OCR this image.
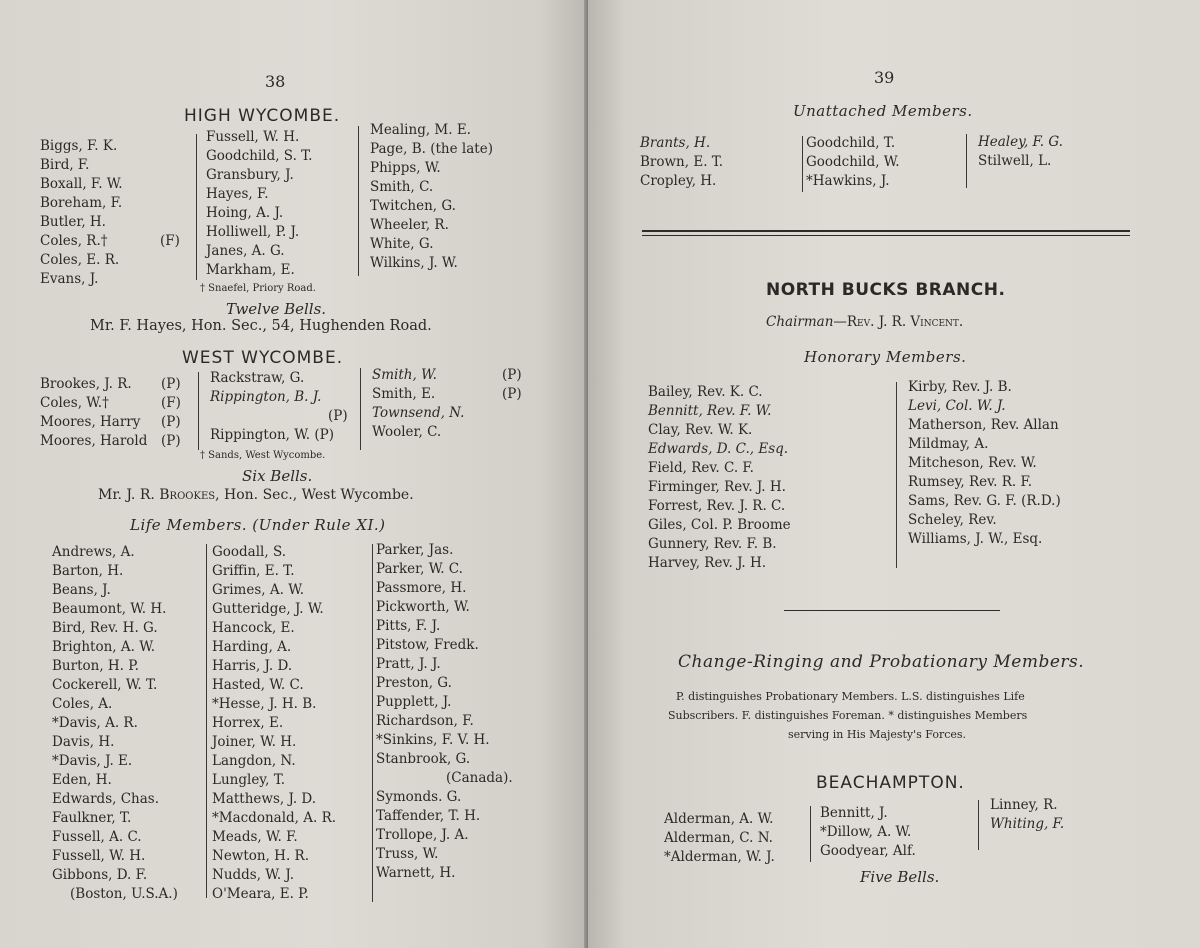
38
HIGH WYCOMBE.
Biggs, F. K.
Bird, F.
Boxall, F. W.
Boreham, F.
Butler, H.
Coles, R.†
Coles, E. R.
Evans, J.
(F)
Fussell, W. H.
Goodchild, S. T.
Gransbury, J.
Hayes, F.
Hoing, A. J.
Holliwell, P. J.
Janes, A. G.
Markham, E.
Mealing, M. E.
Page, B. (the late)
Phipps, W.
Smith, C.
Twitchen, G.
Wheeler, R.
White, G.
Wilkins, J. W.
† Snaefel, Priory Road.
Twelve Bells.
Mr. F. Hayes, Hon. Sec., 54, Hughenden Road.
WEST WYCOMBE.
Brookes, J. R.
Coles, W.†
Moores, Harry
Moores, Harold
(P)
(F)
(P)
(P)
Rackstraw, G.
Rippington, B. J.
(P)
Rippington, W. (P)
Smith, W.
Smith, E.
Townsend, N.
Wooler, C.
(P)
(P)
† Sands, West Wycombe.
Six Bells.
Mr. J. R. Brookes, Hon. Sec., West Wycombe.
Life Members. (Under Rule XI.)
Andrews, A.
Barton, H.
Beans, J.
Beaumont, W. H.
Bird, Rev. H. G.
Brighton, A. W.
Burton, H. P.
Cockerell, W. T.
Coles, A.
*Davis, A. R.
Davis, H.
*Davis, J. E.
Eden, H.
Edwards, Chas.
Faulkner, T.
Fussell, A. C.
Fussell, W. H.
Gibbons, D. F.
(Boston, U.S.A.)
Goodall, S.
Griffin, E. T.
Grimes, A. W.
Gutteridge, J. W.
Hancock, E.
Harding, A.
Harris, J. D.
Hasted, W. C.
*Hesse, J. H. B.
Horrex, E.
Joiner, W. H.
Langdon, N.
Lungley, T.
Matthews, J. D.
*Macdonald, A. R.
Meads, W. F.
Newton, H. R.
Nudds, W. J.
O'Meara, E. P.
Parker, Jas.
Parker, W. C.
Passmore, H.
Pickworth, W.
Pitts, F. J.
Pitstow, Fredk.
Pratt, J. J.
Preston, G.
Pupplett, J.
Richardson, F.
*Sinkins, F. V. H.
Stanbrook, G.
(Canada).
Symonds. G.
Taffender, T. H.
Trollope, J. A.
Truss, W.
Warnett, H.
39
Unattached Members.
Brants, H.
Brown, E. T.
Cropley, H.
Goodchild, T.
Goodchild, W.
*Hawkins, J.
Healey, F. G.
Stilwell, L.
NORTH BUCKS BRANCH.
Chairman—Rev. J. R. Vincent.
Honorary Members.
Bailey, Rev. K. C.
Bennitt, Rev. F. W.
Clay, Rev. W. K.
Edwards, D. C., Esq.
Field, Rev. C. F.
Firminger, Rev. J. H.
Forrest, Rev. J. R. C.
Giles, Col. P. Broome
Gunnery, Rev. F. B.
Harvey, Rev. J. H.
Kirby, Rev. J. B.
Levi, Col. W. J.
Matherson, Rev. Allan
Mildmay, A.
Mitcheson, Rev. W.
Rumsey, Rev. R. F.
Sams, Rev. G. F. (R.D.)
Scheley, Rev.
Williams, J. W., Esq.
Change-Ringing and Probationary Members.
P. distinguishes Probationary Members. L.S. distinguishes Life
Subscribers. F. distinguishes Foreman. * distinguishes Members
serving in His Majesty's Forces.
BEACHAMPTON.
Alderman, A. W.
Alderman, C. N.
*Alderman, W. J.
Bennitt, J.
*Dillow, A. W.
Goodyear, Alf.
Linney, R.
Whiting, F.
Five Bells.
